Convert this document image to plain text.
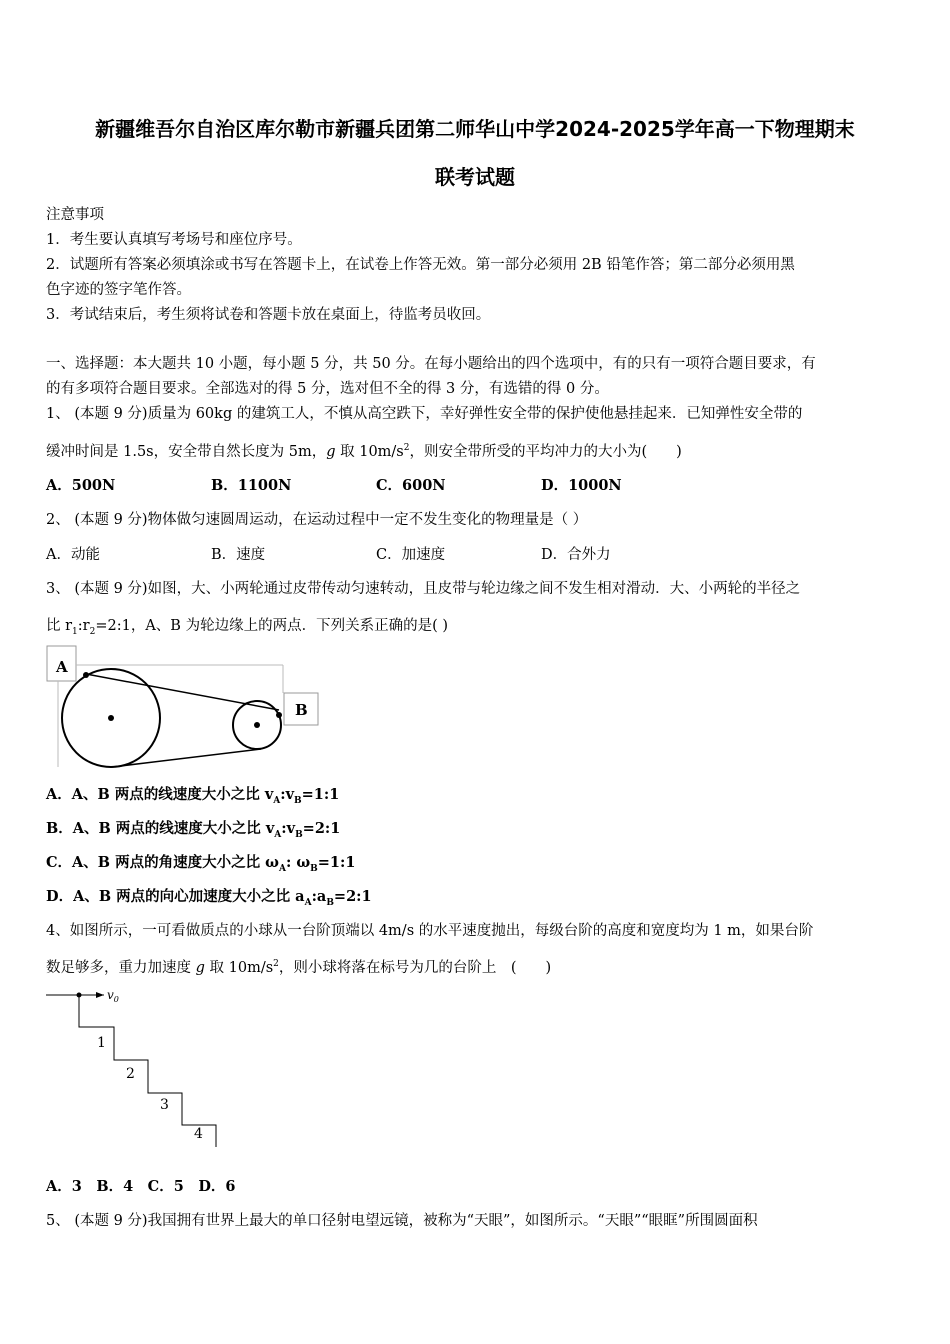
新疆维吾尔自治区库尔勒市新疆兵团第二师华山中学2024-2025学年高一下物理期末
联考试题
注意事项
1．考生要认真填写考场号和座位序号。
2．试题所有答案必须填涂或书写在答题卡上，在试卷上作答无效。第一部分必须用 2B 铅笔作答；第二部分必须用黑
色字迹的签字笔作答。
3．考试结束后，考生须将试卷和答题卡放在桌面上，待监考员收回。
一、选择题：本大题共 10 小题，每小题 5 分，共 50 分。在每小题给出的四个选项中，有的只有一项符合题目要求，有
的有多项符合题目要求。全部选对的得 5 分，选对但不全的得 3 分，有选错的得 0 分。
1、 (本题 9 分)质量为 60kg 的建筑工人，不慎从高空跌下，幸好弹性安全带的保护使他悬挂起来．已知弹性安全带的
缓冲时间是 1.5s，安全带自然长度为 5m，g 取 $10m/s^2$，则安全带所受的平均冲力的大小为(　　)
A．500N	B．1100N	C．600N	D．1000N
2、 (本题 9 分)物体做匀速圆周运动，在运动过程中一定不发生变化的物理量是（ ）
A．动能	B．速度	C．加速度	D．合外力
3、 (本题 9 分)如图，大、小两轮通过皮带传动匀速转动，且皮带与轮边缘之间不发生相对滑动．大、小两轮的半径之
比 $r_1:r_2=2:1$，A、B 为轮边缘上的两点．下列关系正确的是( )
A
B
A．A、B 两点的线速度大小之比 $v_A:v_B=1:1$
B．A、B 两点的线速度大小之比 $v_A:v_B=2:1$
C．A、B 两点的角速度大小之比 $\omega_A$: $\omega_B=1:1$
D．A、B 两点的向心加速度大小之比 $a_A:a_B=2:1$
4、如图所示，一可看做质点的小球从一台阶顶端以 4m/s 的水平速度抛出，每级台阶的高度和宽度均为 1 m，如果台阶
数足够多，重力加速度 g 取 $10m/s^2$，则小球将落在标号为几的台阶上　(　　)
$v_0$
1
2
3
4
A．3　B．4　C．5　D．6
5、 (本题 9 分)我国拥有世界上最大的单口径射电望远镜，被称为“天眼”，如图所示。“天眼”“眼眶”所围圆面积
